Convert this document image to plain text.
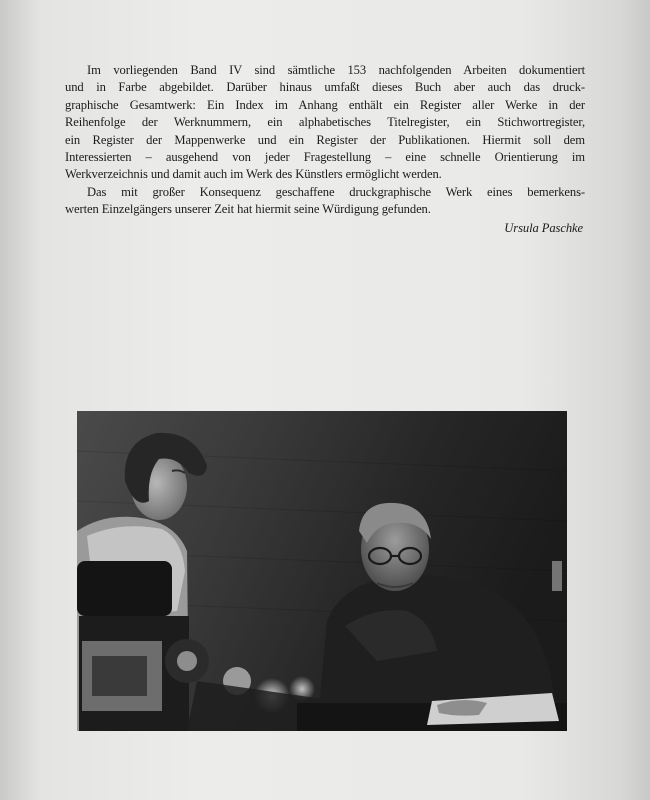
Im vorliegenden Band IV sind sämtliche 153 nachfolgenden Arbeiten dokumentiert
und in Farbe abgebildet. Darüber hinaus umfaßt dieses Buch aber auch das druck-
graphische Gesamtwerk: Ein Index im Anhang enthält ein Register aller Werke in der
Reihenfolge der Werknummern, ein alphabetisches Titelregister, ein Stichwortregister,
ein Register der Mappenwerke und ein Register der Publikationen. Hiermit soll dem
Interessierten – ausgehend von jeder Fragestellung – eine schnelle Orientierung im
Werkverzeichnis und damit auch im Werk des Künstlers ermöglicht werden.
Das mit großer Konsequenz geschaffene druckgraphische Werk eines bemerkens-
werten Einzelgängers unserer Zeit hat hiermit seine Würdigung gefunden.
Ursula Paschke
